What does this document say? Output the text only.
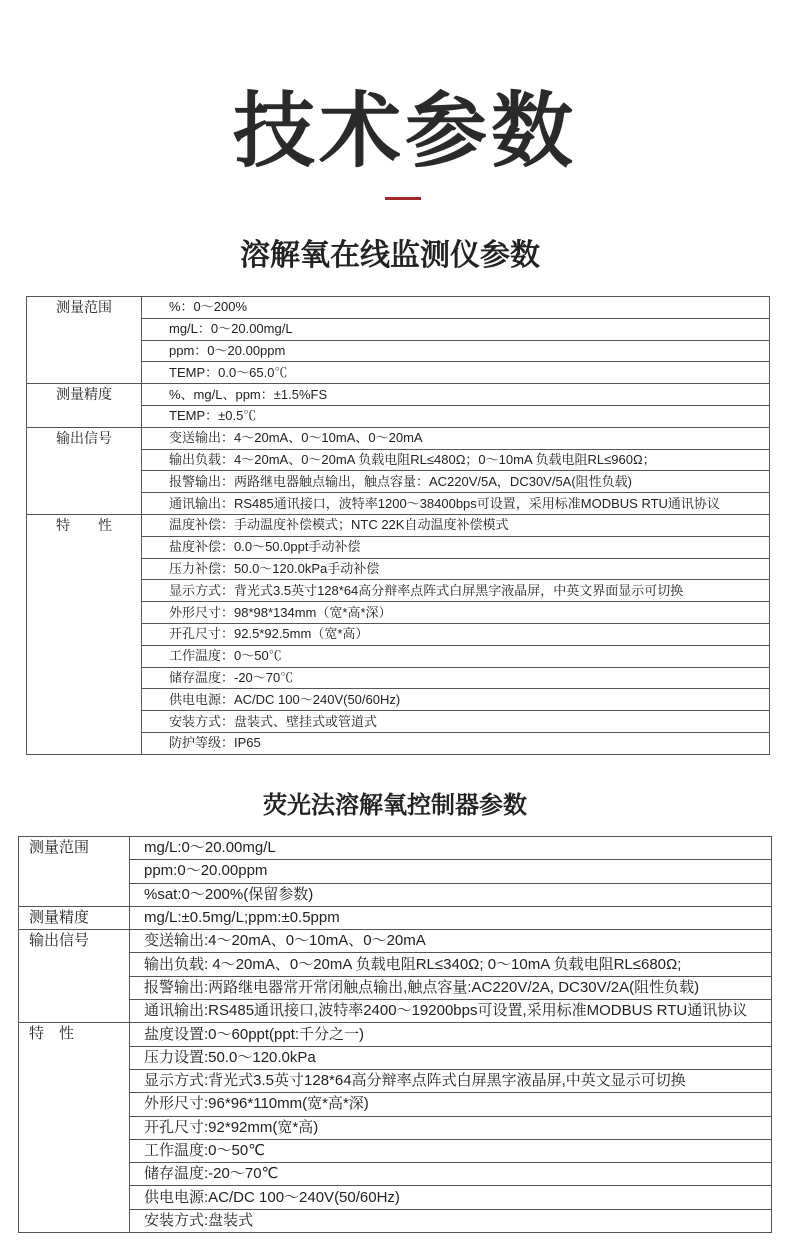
技术参数
溶解氧在线监测仪参数
测量范围	%：0～200%
	mg/L：0～20.00mg/L
	ppm：0～20.00ppm
	TEMP：0.0～65.0℃
测量精度	%、mg/L、ppm：±1.5%FS
	TEMP：±0.5℃
输出信号	变送输出：4～20mA、0～10mA、0～20mA
	输出负载：4～20mA、0～20mA 负载电阻RL≤480Ω；0～10mA 负载电阻RL≤960Ω；
	报警输出：两路继电器触点输出，触点容量：AC220V/5A，DC30V/5A(阻性负载)
	通讯输出：RS485通讯接口，波特率1200～38400bps可设置，采用标准MODBUS RTU通讯协议
特　　性	温度补偿：手动温度补偿模式；NTC 22K自动温度补偿模式
	盐度补偿：0.0～50.0ppt手动补偿
	压力补偿：50.0～120.0kPa手动补偿
	显示方式：背光式3.5英寸128*64高分辩率点阵式白屏黑字液晶屏，中英文界面显示可切换
	外形尺寸：98*98*134mm（宽*高*深）
	开孔尺寸：92.5*92.5mm（宽*高）
	工作温度：0～50℃
	储存温度：-20～70℃
	供电电源：AC/DC 100～240V(50/60Hz)
	安装方式：盘装式、壁挂式或管道式
	防护等级：IP65
荧光法溶解氧控制器参数
测量范围	mg/L:0～20.00mg/L
	ppm:0～20.00ppm
	%sat:0～200%(保留参数)
测量精度	mg/L:±0.5mg/L;ppm:±0.5ppm
输出信号	变送输出:4～20mA、0～10mA、0～20mA
	输出负载: 4～20mA、0～20mA 负载电阻RL≤340Ω; 0～10mA 负载电阻RL≤680Ω;
	报警输出:两路继电器常开常闭触点输出,触点容量:AC220V/2A, DC30V/2A(阻性负载)
	通讯输出:RS485通讯接口,波特率2400～19200bps可设置,采用标准MODBUS RTU通讯协议
特　性	盐度设置:0～60ppt(ppt:千分之一)
	压力设置:50.0～120.0kPa
	显示方式:背光式3.5英寸128*64高分辩率点阵式白屏黑字液晶屏,中英文显示可切换
	外形尺寸:96*96*110mm(宽*高*深)
	开孔尺寸:92*92mm(宽*高)
	工作温度:0～50℃
	储存温度:-20～70℃
	供电电源:AC/DC 100～240V(50/60Hz)
	安装方式:盘装式
